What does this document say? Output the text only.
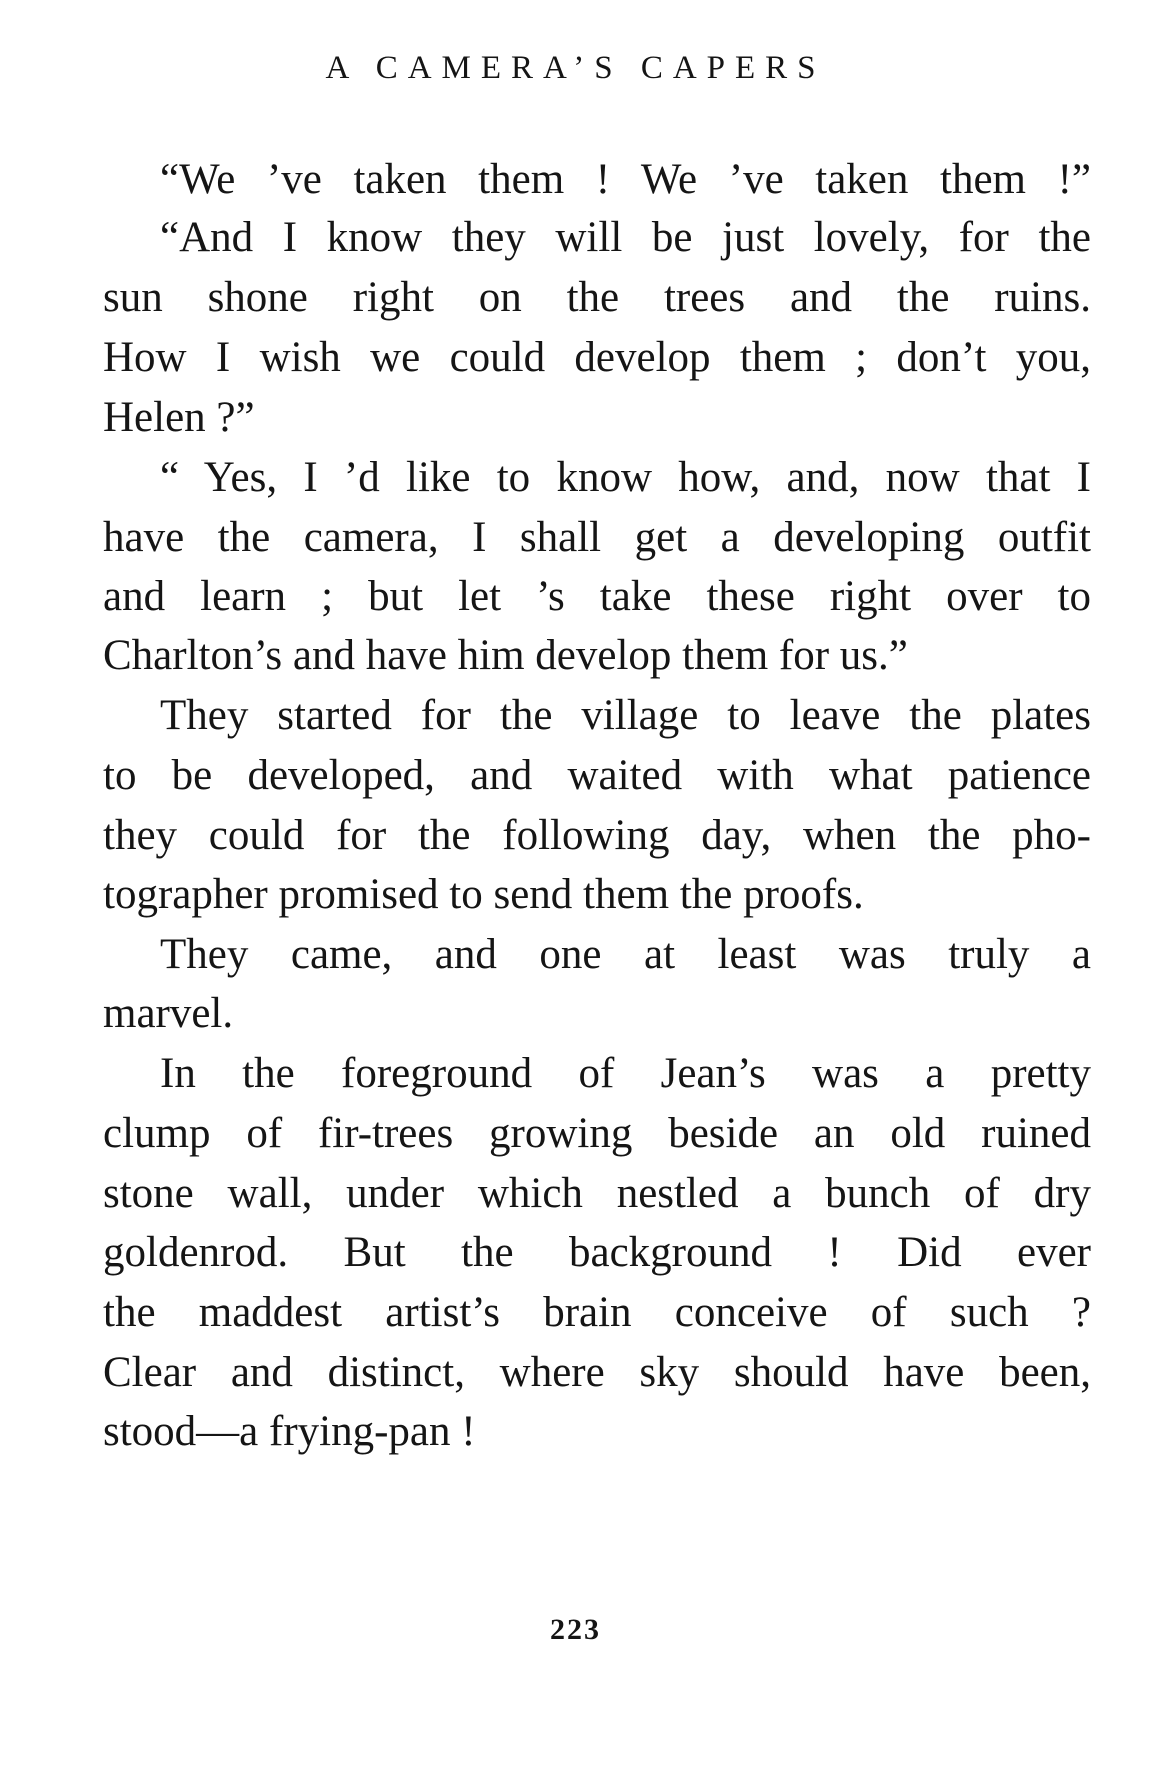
A CAMERA’S CAPERS
“We ’ve taken them ! We ’ve taken them !”
“And I know they will be just lovely, for the
sun shone right on the trees and the ruins.
How I wish we could develop them ; don’t you,
Helen ?”
“ Yes, I ’d like to know how, and, now that I
have the camera, I shall get a developing outfit
and learn ; but let ’s take these right over to
Charlton’s and have him develop them for us.”
They started for the village to leave the plates
to be developed, and waited with what patience
they could for the following day, when the pho-
tographer promised to send them the proofs.
They came, and one at least was truly a
marvel.
In the foreground of Jean’s was a pretty
clump of fir-trees growing beside an old ruined
stone wall, under which nestled a bunch of dry
goldenrod. But the background ! Did ever
the maddest artist’s brain conceive of such ?
Clear and distinct, where sky should have been,
stood—a frying-pan !
223
